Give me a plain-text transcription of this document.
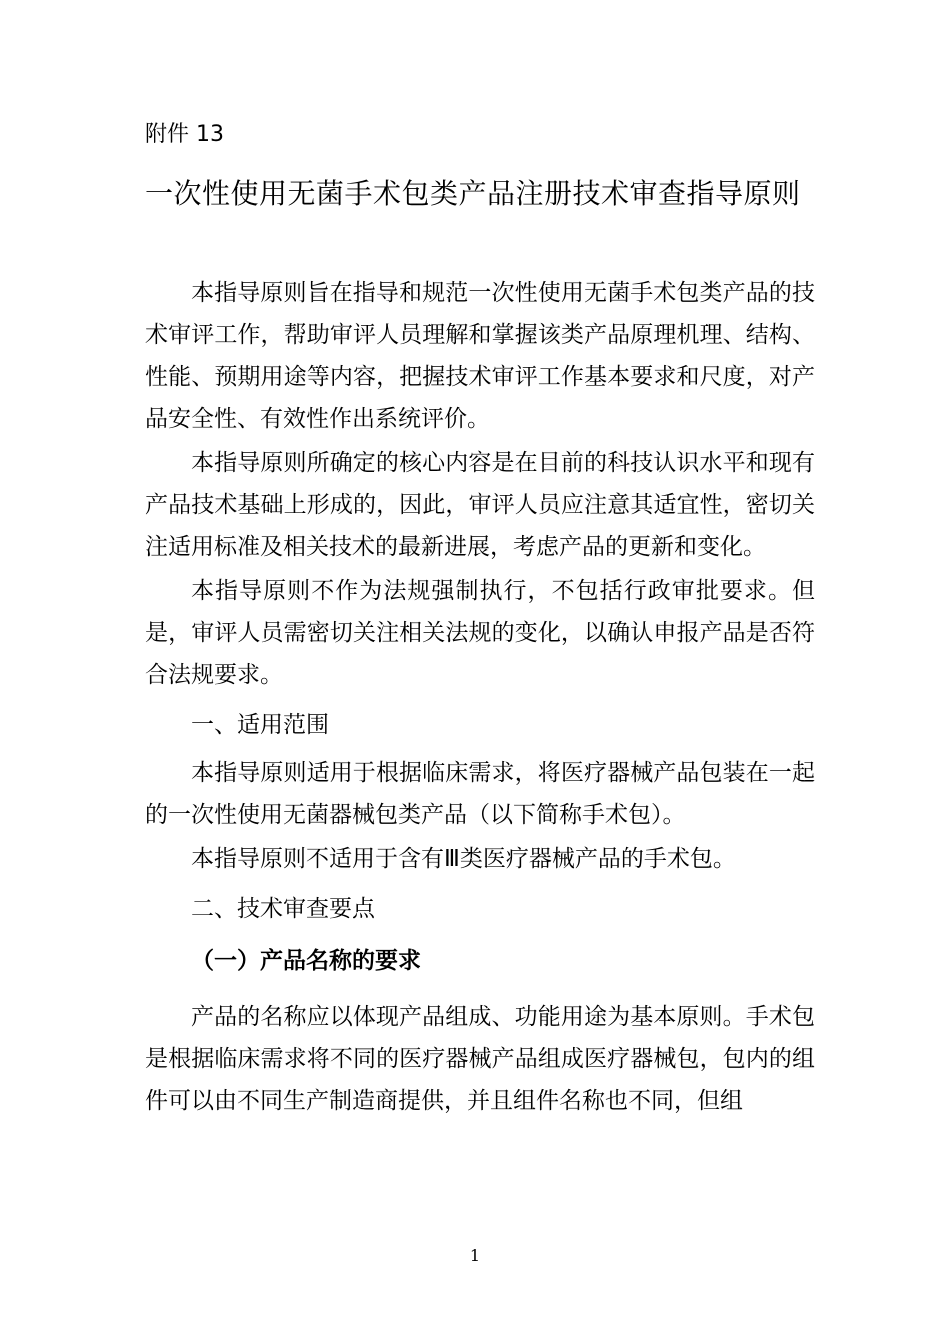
附件 13
一次性使用无菌手术包类产品注册技术审查指导原则

本指导原则旨在指导和规范一次性使用无菌手术包类产品的技术审评工作，帮助审评人员理解和掌握该类产品原理机理、结构、性能、预期用途等内容，把握技术审评工作基本要求和尺度，对产品安全性、有效性作出系统评价。

本指导原则所确定的核心内容是在目前的科技认识水平和现有产品技术基础上形成的，因此，审评人员应注意其适宜性，密切关注适用标准及相关技术的最新进展，考虑产品的更新和变化。

本指导原则不作为法规强制执行，不包括行政审批要求。但是，审评人员需密切关注相关法规的变化，以确认申报产品是否符合法规要求。

一、适用范围

本指导原则适用于根据临床需求，将医疗器械产品包装在一起的一次性使用无菌器械包类产品（以下简称手术包）。

本指导原则不适用于含有Ⅲ类医疗器械产品的手术包。

二、技术审查要点
（一）产品名称的要求

产品的名称应以体现产品组成、功能用途为基本原则。手术包是根据临床需求将不同的医疗器械产品组成医疗器械包，包内的组件可以由不同生产制造商提供，并且组件名称也不同，但组

1
